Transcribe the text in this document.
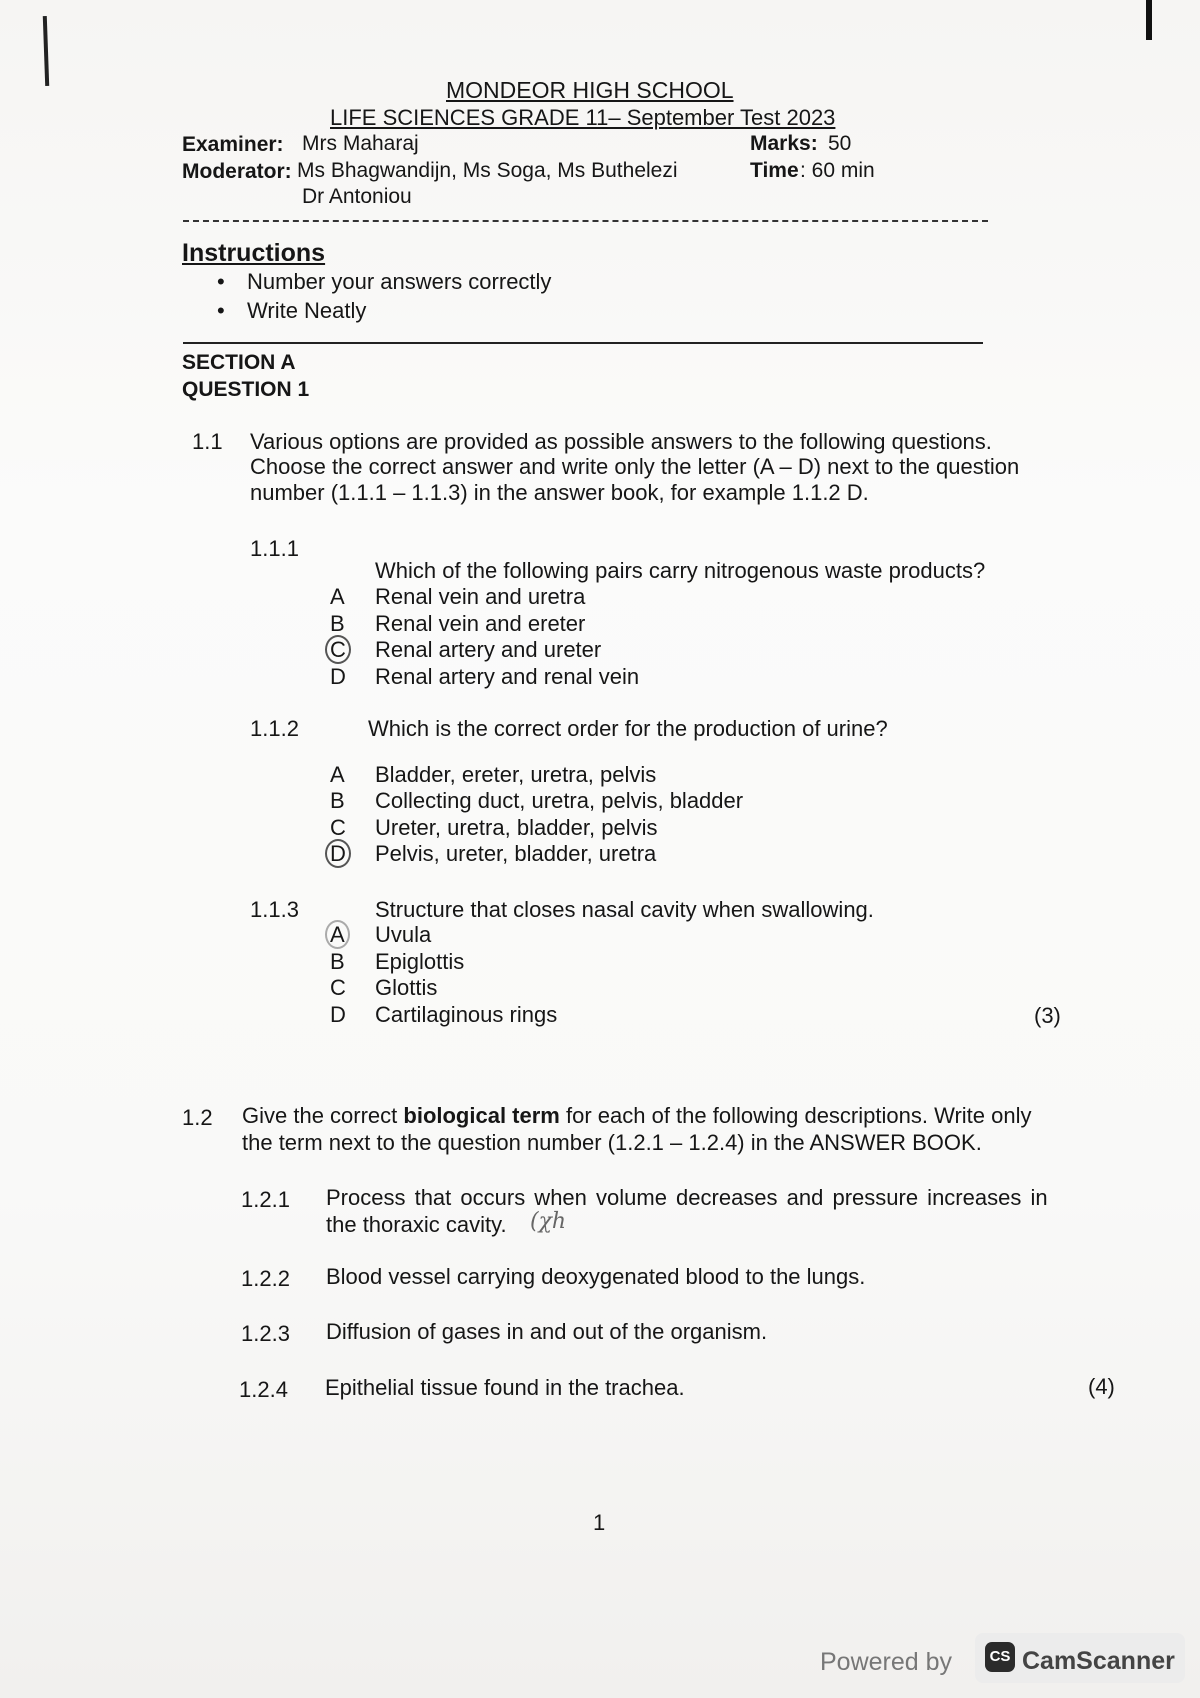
MONDEOR HIGH SCHOOL
LIFE SCIENCES GRADE 11– September Test 2023
Examiner: Mrs Maharaj
Moderator: Ms Bhagwandijn, Ms Soga, Ms Buthelezi
Dr Antoniou
Marks: 50
Time : 60 min
Instructions
• Number your answers correctly
• Write Neatly
SECTION A
QUESTION 1
1.1 Various options are provided as possible answers to the following questions.
Choose the correct answer and write only the letter (A – D) next to the question
number (1.1.1 – 1.1.3) in the answer book, for example 1.1.2 D.
1.1.1
Which of the following pairs carry nitrogenous waste products?
A Renal vein and uretra
B Renal vein and ereter
C Renal artery and ureter
D Renal artery and renal vein
1.1.2	Which is the correct order for the production of urine?
A Bladder, ereter, uretra, pelvis
B Collecting duct, uretra, pelvis, bladder
C Ureter, uretra, bladder, pelvis
D Pelvis, ureter, bladder, uretra
1.1.3	Structure that closes nasal cavity when swallowing.
A Uvula
B Epiglottis
C Glottis
D Cartilaginous rings	(3)
1.2 Give the correct biological term for each of the following descriptions. Write only
the term next to the question number (1.2.1 – 1.2.4) in the ANSWER BOOK.
1.2.1 Process that occurs when volume decreases and pressure increases in
the thoraxic cavity. (χh
1.2.2 Blood vessel carrying deoxygenated blood to the lungs.
1.2.3 Diffusion of gases in and out of the organism.
1.2.4 Epithelial tissue found in the trachea.	(4)
1
Powered by	CS CamScanner
